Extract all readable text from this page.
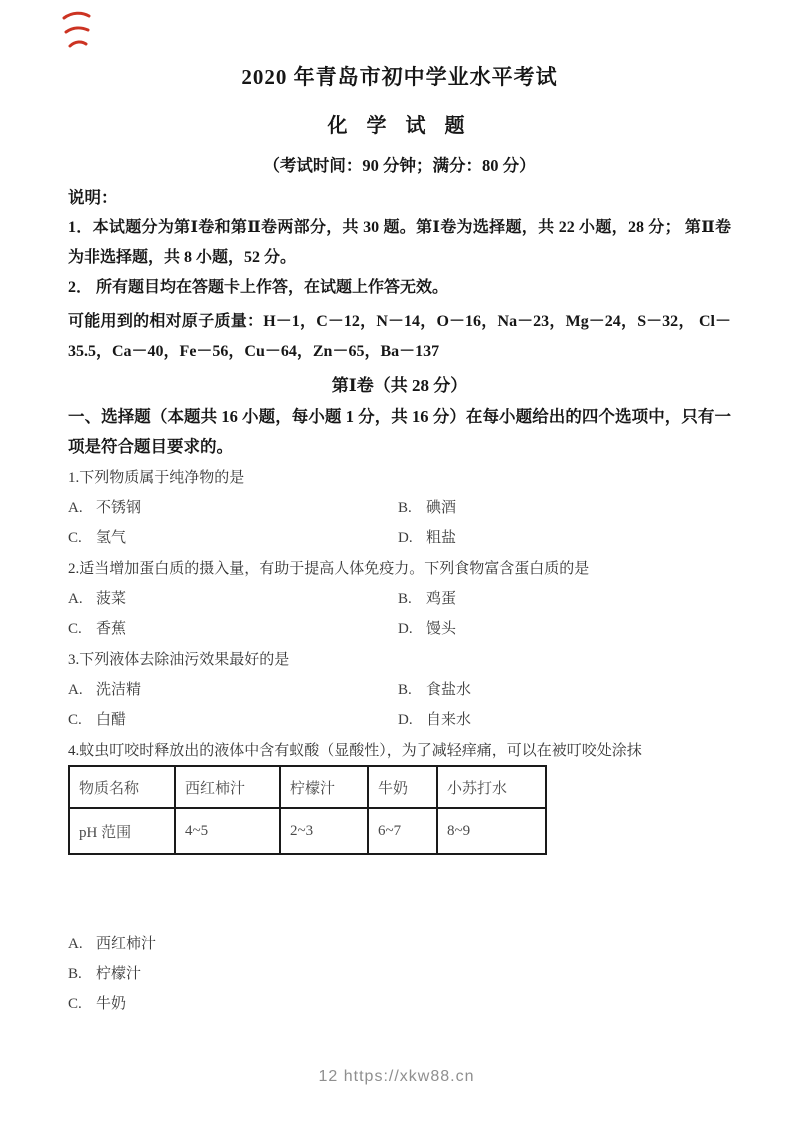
2020 年青岛市初中学业水平考试
化 学 试 题

（考试时间：90 分钟；满分：80 分）

说明：

1．本试题分为第Ⅰ卷和第Ⅱ卷两部分，共 30 题。第Ⅰ卷为选择题，共 22 小题，28 分； 第Ⅱ卷为非选择题，共 8 小题，52 分。

2． 所有题目均在答题卡上作答，在试题上作答无效。

可能用到的相对原子质量：H－1，C－12，N－14，O－16，Na－23，Mg－24，S－32， Cl－35.5，Ca－40，Fe－56，Cu－64，Zn－65，Ba－137

第Ⅰ卷（共 28 分）

一、选择题（本题共 16 小题，每小题 1 分，共 16 分）在每小题给出的四个选项中，只有一项是符合题目要求的。

1.下列物质属于纯净物的是

A. 不锈钢	B. 碘酒

C. 氢气	D. 粗盐

2.适当增加蛋白质的摄入量，有助于提高人体免疫力。下列食物富含蛋白质的是

A. 菠菜	B. 鸡蛋

C. 香蕉	D. 馒头

3.下列液体去除油污效果最好的是

A. 洗洁精	B. 食盐水

C. 白醋	D. 自来水

4.蚊虫叮咬时释放出的液体中含有蚁酸（显酸性），为了减轻痒痛，可以在被叮咬处涂抹

物质名称	西红柿汁	柠檬汁	牛奶	小苏打水
pH 范围	4~5	2~3	6~7	8~9

A. 西红柿汁

B. 柠檬汁

C. 牛奶

12 https://xkw88.cn
